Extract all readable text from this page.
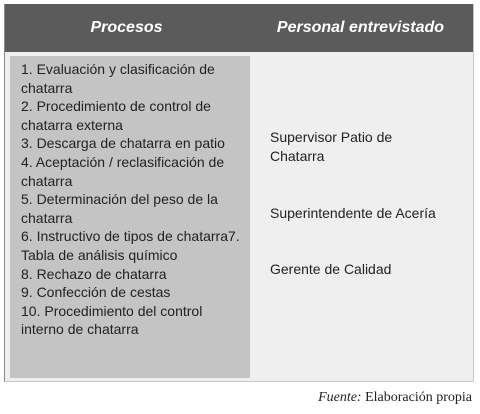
Procesos	Personal entrevistado
1. Evaluación y clasificación de chatarra
2. Procedimiento de control de chatarra externa
3. Descarga de chatarra en patio
4. Aceptación / reclasificación de chatarra
5. Determinación del peso de la chatarra
6. Instructivo de tipos de chatarra7. Tabla de análisis químico
8. Rechazo de chatarra
9. Confección de cestas
10. Procedimiento del control interno de chatarra
Supervisor Patio de Chatarra
Superintendente de Acería
Gerente de Calidad
Fuente: Elaboración propia
